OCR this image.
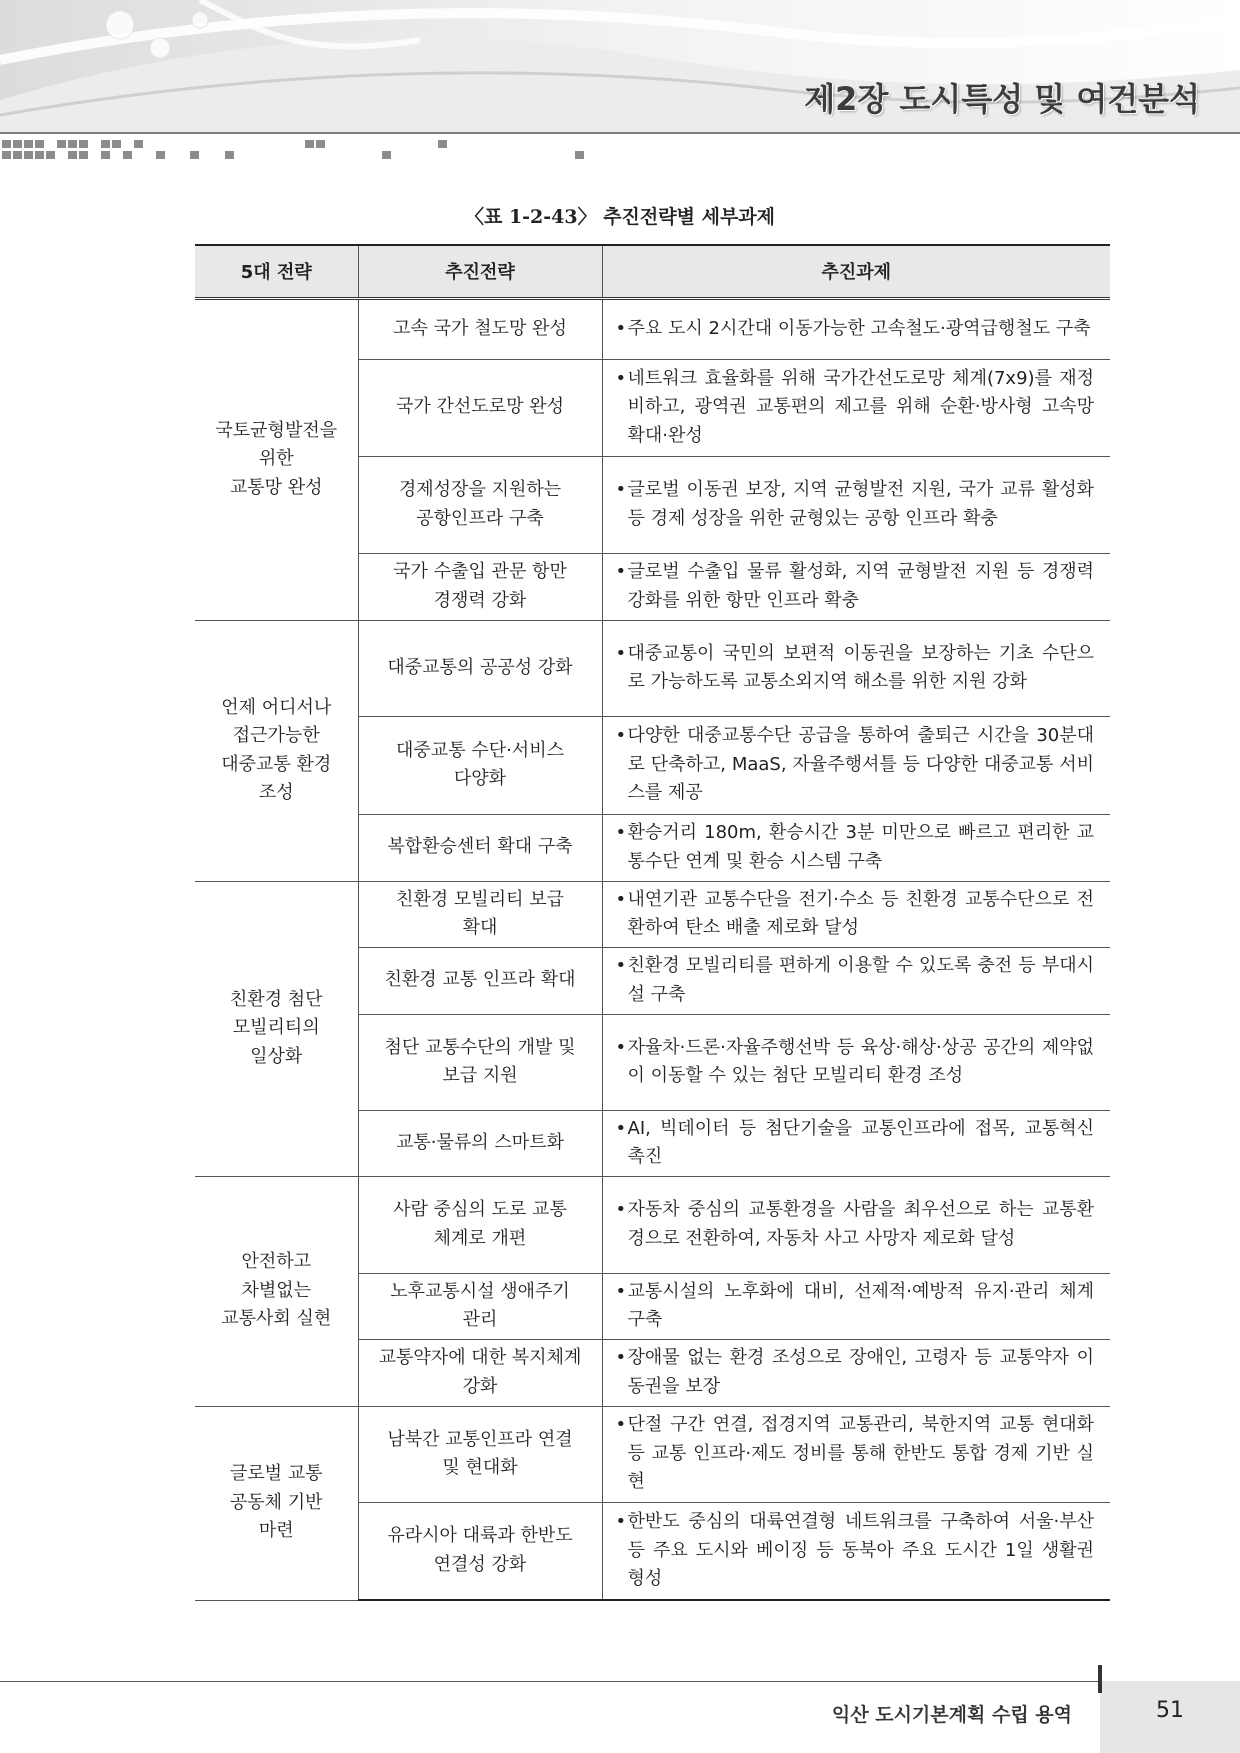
제2장 도시특성 및 여건분석
〈표 1-2-43〉 추진전략별 세부과제
5대 전략	추진전략	추진과제
국토균형발전을
위한
교통망 완성	고속 국가 철도망 완성	• 주요 도시 2시간대 이동가능한 고속철도·광역급행철도 구축

	국가 간선도로망 완성	• 네트워크 효율화를 위해 국가간선도로망 체계(7x9)를 재정비하고, 광역권 교통편의 제고를 위해 순환·방사형 고속망 확대·완성

	경제성장을 지원하는
공항인프라 구축	• 글로벌 이동권 보장, 지역 균형발전 지원, 국가 교류 활성화 등 경제 성장을 위한 균형있는 공항 인프라 확충

	국가 수출입 관문 항만
경쟁력 강화	• 글로벌 수출입 물류 활성화, 지역 균형발전 지원 등 경쟁력 강화를 위한 항만 인프라 확충

언제 어디서나
접근가능한
대중교통 환경
조성	대중교통의 공공성 강화	• 대중교통이 국민의 보편적 이동권을 보장하는 기초 수단으로 가능하도록 교통소외지역 해소를 위한 지원 강화

	대중교통 수단·서비스
다양화	• 다양한 대중교통수단 공급을 통하여 출퇴근 시간을 30분대로 단축하고, MaaS, 자율주행셔틀 등 다양한 대중교통 서비스를 제공

	복합환승센터 확대 구축	• 환승거리 180m, 환승시간 3분 미만으로 빠르고 편리한 교통수단 연계 및 환승 시스템 구축

친환경 첨단
모빌리티의
일상화	친환경 모빌리티 보급
확대	• 내연기관 교통수단을 전기·수소 등 친환경 교통수단으로 전환하여 탄소 배출 제로화 달성

	친환경 교통 인프라 확대	• 친환경 모빌리티를 편하게 이용할 수 있도록 충전 등 부대시설 구축

	첨단 교통수단의 개발 및
보급 지원	• 자율차·드론·자율주행선박 등 육상·해상·상공 공간의 제약없이 이동할 수 있는 첨단 모빌리티 환경 조성

	교통·물류의 스마트화	• AI, 빅데이터 등 첨단기술을 교통인프라에 접목, 교통혁신 촉진

안전하고
차별없는
교통사회 실현	사람 중심의 도로 교통
체계로 개편	• 자동차 중심의 교통환경을 사람을 최우선으로 하는 교통환경으로 전환하여, 자동차 사고 사망자 제로화 달성

	노후교통시설 생애주기
관리	• 교통시설의 노후화에 대비, 선제적·예방적 유지·관리 체계 구축

	교통약자에 대한 복지체계
강화	• 장애물 없는 환경 조성으로 장애인, 고령자 등 교통약자 이동권을 보장

글로벌 교통
공동체 기반
마련	남북간 교통인프라 연결
및 현대화	• 단절 구간 연결, 접경지역 교통관리, 북한지역 교통 현대화 등 교통 인프라·제도 정비를 통해 한반도 통합 경제 기반 실현

	유라시아 대륙과 한반도
연결성 강화	• 한반도 중심의 대륙연결형 네트워크를 구축하여 서울·부산 등 주요 도시와 베이징 등 동북아 주요 도시간 1일 생활권 형성
익산 도시기본계획 수립 용역	51
